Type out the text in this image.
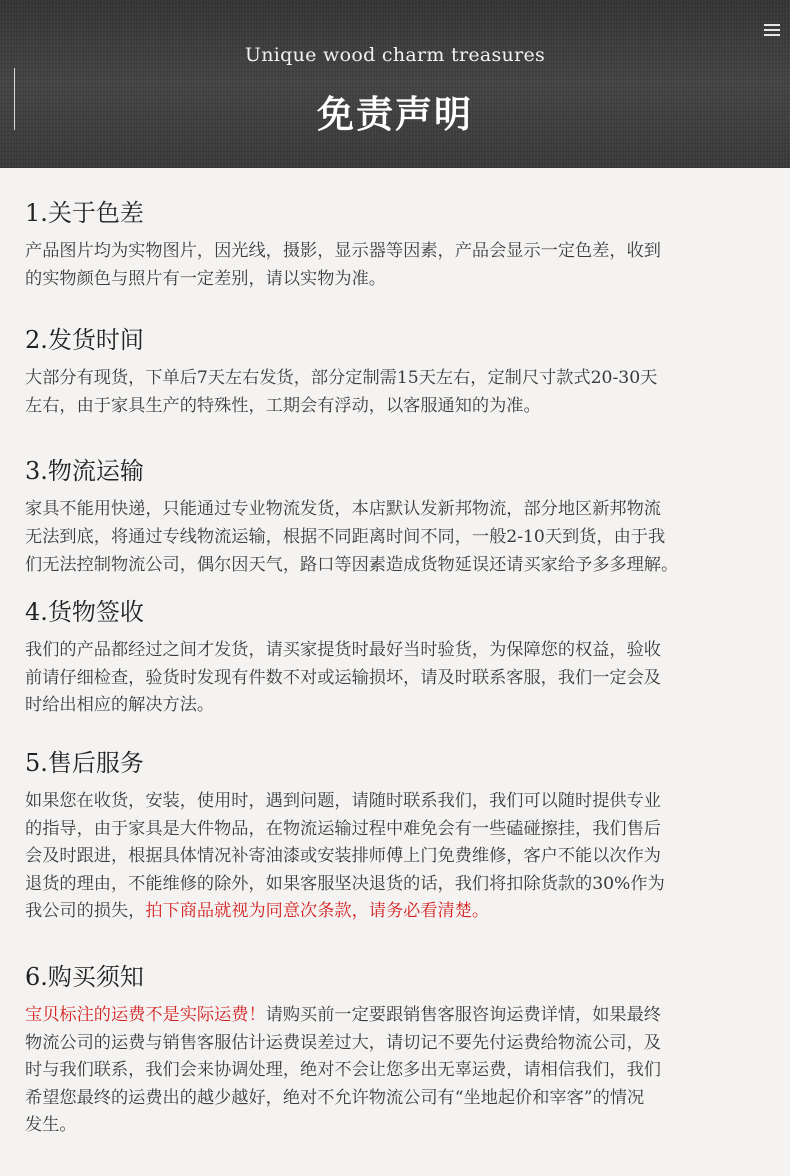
Unique wood charm treasures
免责声明
1.关于色差

产品图片均为实物图片，因光线，摄影，显示器等因素，产品会显示一定色差，收到
的实物颜色与照片有一定差别，请以实物为准。

2.发货时间

大部分有现货，下单后7天左右发货，部分定制需15天左右，定制尺寸款式20-30天
左右，由于家具生产的特殊性，工期会有浮动，以客服通知的为准。

3.物流运输

家具不能用快递，只能通过专业物流发货，本店默认发新邦物流，部分地区新邦物流
无法到底，将通过专线物流运输，根据不同距离时间不同，一般2-10天到货，由于我
们无法控制物流公司，偶尔因天气，路口等因素造成货物延误还请买家给予多多理解。

4.货物签收

我们的产品都经过之间才发货，请买家提货时最好当时验货，为保障您的权益，验收
前请仔细检查，验货时发现有件数不对或运输损坏，请及时联系客服，我们一定会及
时给出相应的解决方法。

5.售后服务

如果您在收货，安装，使用时，遇到问题，请随时联系我们，我们可以随时提供专业
的指导，由于家具是大件物品，在物流运输过程中难免会有一些磕碰擦挂，我们售后
会及时跟进，根据具体情况补寄油漆或安装排师傅上门免费维修，客户不能以次作为
退货的理由，不能维修的除外，如果客服坚决退货的话，我们将扣除货款的30%作为
我公司的损失，拍下商品就视为同意次条款，请务必看清楚。

6.购买须知

宝贝标注的运费不是实际运费！请购买前一定要跟销售客服咨询运费详情，如果最终
物流公司的运费与销售客服估计运费误差过大，请切记不要先付运费给物流公司，及
时与我们联系，我们会来协调处理，绝对不会让您多出无辜运费，请相信我们，我们
希望您最终的运费出的越少越好，绝对不允许物流公司有“坐地起价和宰客”的情况
发生。
